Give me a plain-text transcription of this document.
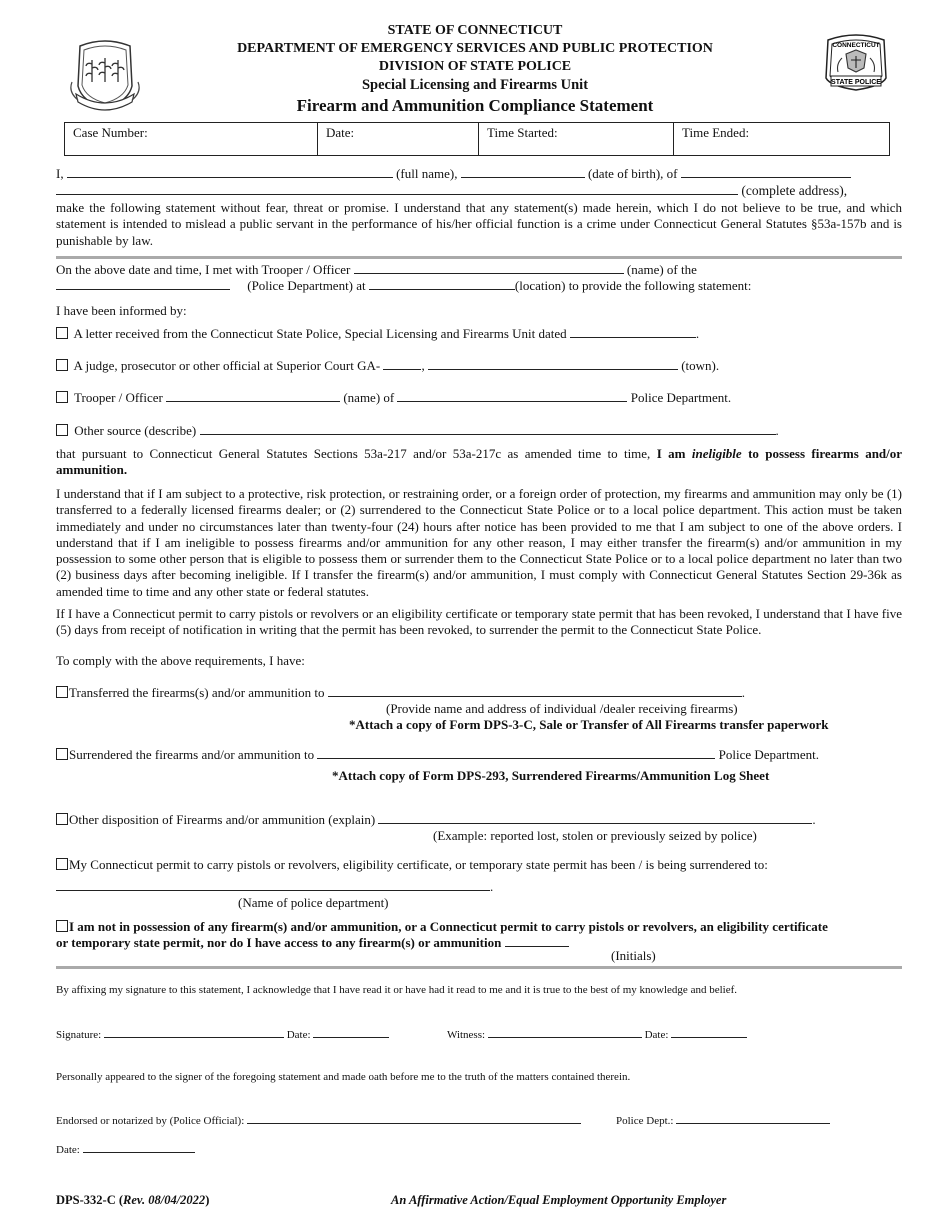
STATE OF CONNECTICUT
DEPARTMENT OF EMERGENCY SERVICES AND PUBLIC PROTECTION
DIVISION OF STATE POLICE
Special Licensing and Firearms Unit
Firearm and Ammunition Compliance Statement
CONNECTICUT
STATE POLICE
Case Number:	Date:	Time Started:	Time Ended:
I,	(full name),	(date of birth), of
(complete address),
make the following statement without fear, threat or promise. I understand that any statement(s) made herein, which I do not believe to be true, and which statement is intended to mislead a public servant in the performance of his/her official function is a crime under Connecticut General Statutes §53a-157b and is punishable by law.
On the above date and time, I met with Trooper / Officer	(name) of the
(Police Department) at	(location) to provide the following statement:
I have been informed by:
A letter received from the Connecticut State Police, Special Licensing and Firearms Unit dated	.
A judge, prosecutor or other official at Superior Court GA-	,	(town).
Trooper / Officer	(name) of	Police Department.
Other source (describe)	.
that pursuant to Connecticut General Statutes Sections 53a-217 and/or 53a-217c as amended time to time, I am ineligible to possess firearms and/or ammunition.
I understand that if I am subject to a protective, risk protection, or restraining order, or a foreign order of protection, my firearms and ammunition may only be (1) transferred to a federally licensed firearms dealer; or (2) surrendered to the Connecticut State Police or to a local police department. This action must be taken immediately and under no circumstances later than twenty-four (24) hours after notice has been provided to me that I am subject to one of the above orders. I understand that if I am ineligible to possess firearms and/or ammunition for any other reason, I may either transfer the firearm(s) and/or ammunition in my possession to some other person that is eligible to possess them or surrender them to the Connecticut State Police or to a local police department no later than two (2) business days after becoming ineligible. If I transfer the firearm(s) and/or ammunition, I must comply with Connecticut General Statutes Section 29-36k as amended time to time and any other state or federal statutes.
If I have a Connecticut permit to carry pistols or revolvers or an eligibility certificate or temporary state permit that has been revoked, I understand that I have five (5) days from receipt of notification in writing that the permit has been revoked, to surrender the permit to the Connecticut State Police.
To comply with the above requirements, I have:
Transferred the firearms(s) and/or ammunition to	.
(Provide name and address of individual /dealer receiving firearms)
*Attach a copy of Form DPS-3-C, Sale or Transfer of All Firearms transfer paperwork
Surrendered the firearms and/or ammunition to	Police Department.
*Attach copy of Form DPS-293, Surrendered Firearms/Ammunition Log Sheet
Other disposition of Firearms and/or ammunition (explain)	.
(Example: reported lost, stolen or previously seized by police)
My Connecticut permit to carry pistols or revolvers, eligibility certificate, or temporary state permit has been / is being surrendered to:
.
(Name of police department)
I am not in possession of any firearm(s) and/or ammunition, or a Connecticut permit to carry pistols or revolvers, an eligibility certificate
or temporary state permit, nor do I have access to any firearm(s) or ammunition
(Initials)
By affixing my signature to this statement, I acknowledge that I have read it or have had it read to me and it is true to the best of my knowledge and belief.
Signature:	Date:	Witness:	Date:
Personally appeared to the signer of the foregoing statement and made oath before me to the truth of the matters contained therein.
Endorsed or notarized by (Police Official):	Police Dept.:
Date:
DPS-332-C (Rev. 08/04/2022)	An Affirmative Action/Equal Employment Opportunity Employer
